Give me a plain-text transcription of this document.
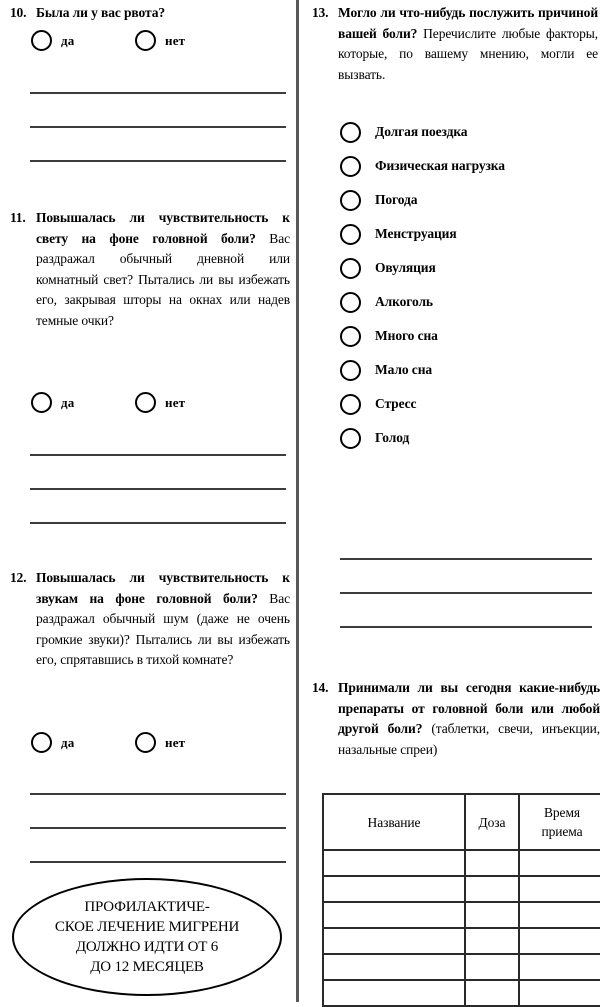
10. Была ли у вас рвота?

да	нет
11. Повышалась ли чувствительность к свету на фоне головной боли? Вас раздражал обычный дневной или комнатный свет? Пытались ли вы избежать его, закрывая шторы на окнах или надев темные очки?

да	нет
12. Повышалась ли чувствительность к звукам на фоне головной боли? Вас раздражал обычный шум (даже не очень громкие звуки)? Пытались ли вы избежать его, спрятавшись в тихой комнате?

да	нет
ПРОФИЛАКТИЧЕ-
СКОЕ ЛЕЧЕНИЕ МИГРЕНИ
ДОЛЖНО ИДТИ ОТ 6
ДО 12 МЕСЯЦЕВ
13. Могло ли что-нибудь послужить причиной вашей боли? Перечислите любые факторы, которые, по вашему мнению, могли ее вызвать.

Долгая поездка
Физическая нагрузка
Погода
Менструация
Овуляция
Алкоголь
Много сна
Мало сна
Стресс
Голод
14. Принимали ли вы сегодня какие-нибудь препараты от головной боли или любой другой боли? (таблетки, свечи, инъекции, назальные спреи)

Название	Доза	Время
приема
